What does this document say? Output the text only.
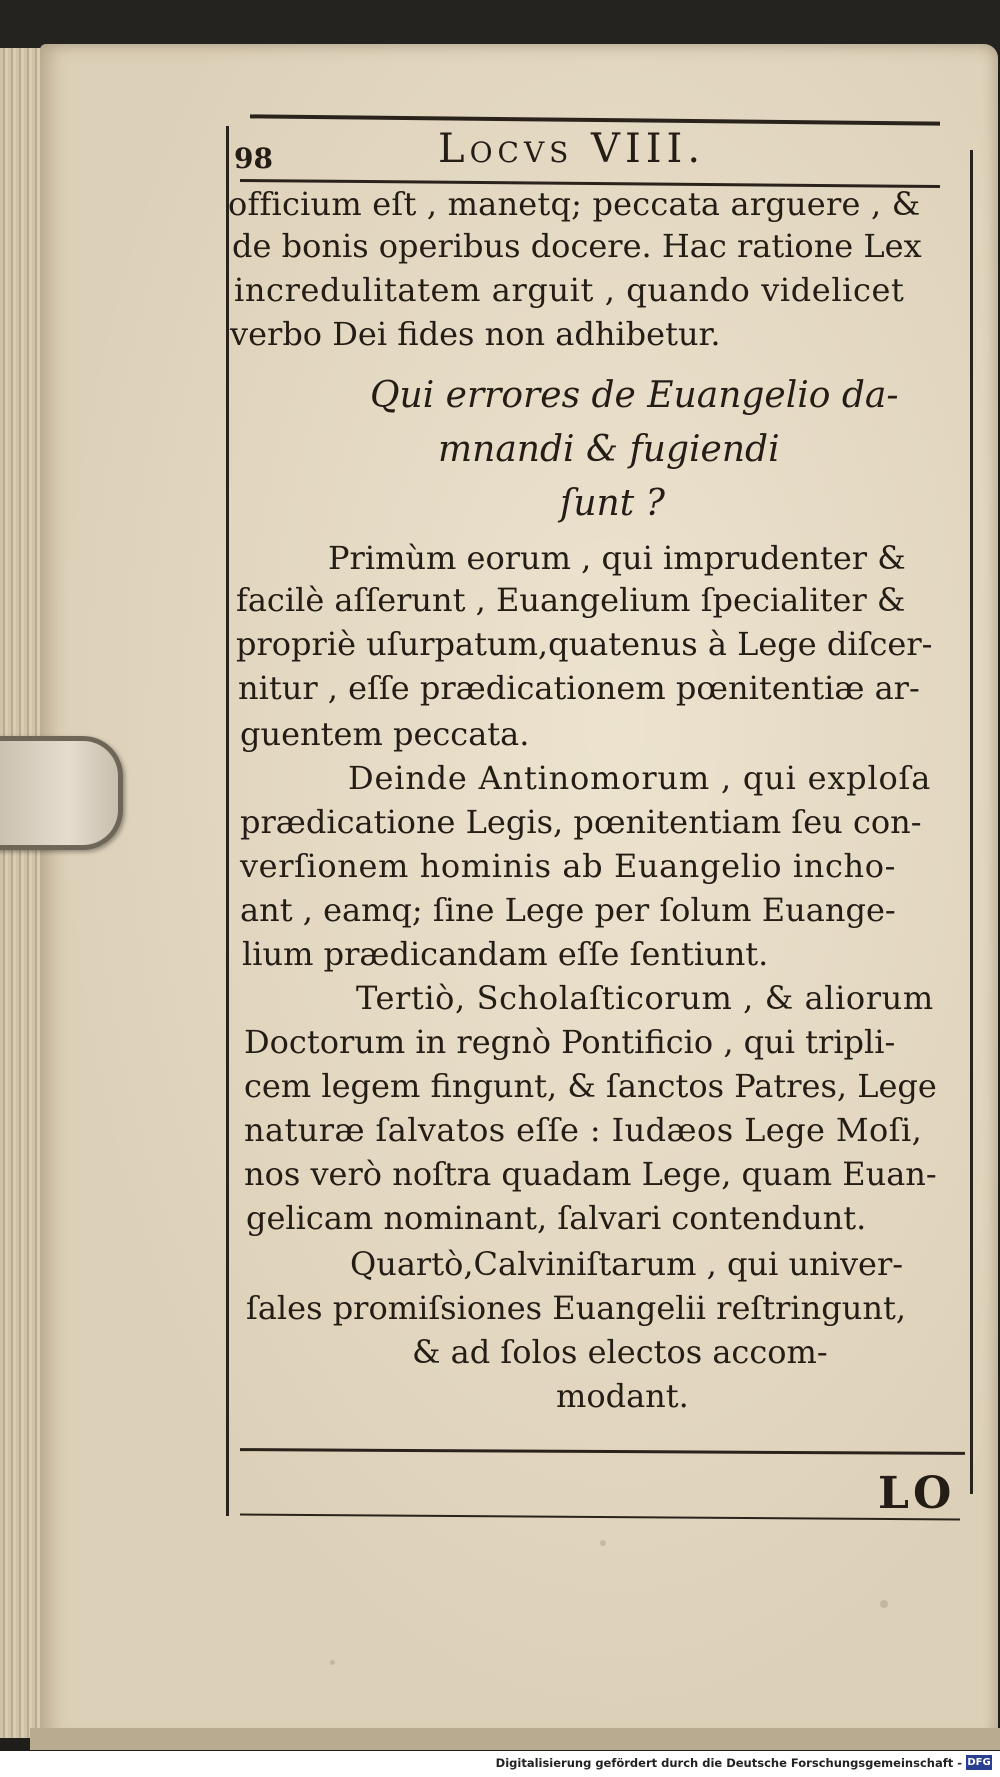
98	Locvs VIII.
officium eſt , manetq; peccata arguere , &
de bonis operibus docere. Hac ratione Lex
incredulitatem arguit , quando videlicet
verbo Dei fides non adhibetur.
Qui errores de Euangelio da-
mnandi & fugiendi
ſunt ?
Primùm eorum , qui imprudenter &
facilè aſſerunt , Euangelium ſpecialiter &
propriè uſurpatum,quatenus à Lege diſcer-
nitur , eſſe prædicationem pœnitentiæ ar-
guentem peccata.
Deinde Antinomorum , qui exploſa
prædicatione Legis, pœnitentiam ſeu con-
verſionem hominis ab Euangelio incho-
ant , eamq; ſine Lege per ſolum Euange-
lium prædicandam eſſe ſentiunt.
Tertiò, Scholaſticorum , & aliorum
Doctorum in regnò Pontificio , qui tripli-
cem legem fingunt, & ſanctos Patres, Lege
naturæ ſalvatos eſſe : Iudæos Lege Moſi,
nos verò noſtra quadam Lege, quam Euan-
gelicam nominant, ſalvari contendunt.
Quartò,Calviniſtarum , qui univer-
ſales promiſsiones Euangelii reſtringunt,
& ad ſolos electos accom-
modant.
LO
Digitalisierung gefördert durch die Deutsche Forschungsgemeinschaft - DFG
